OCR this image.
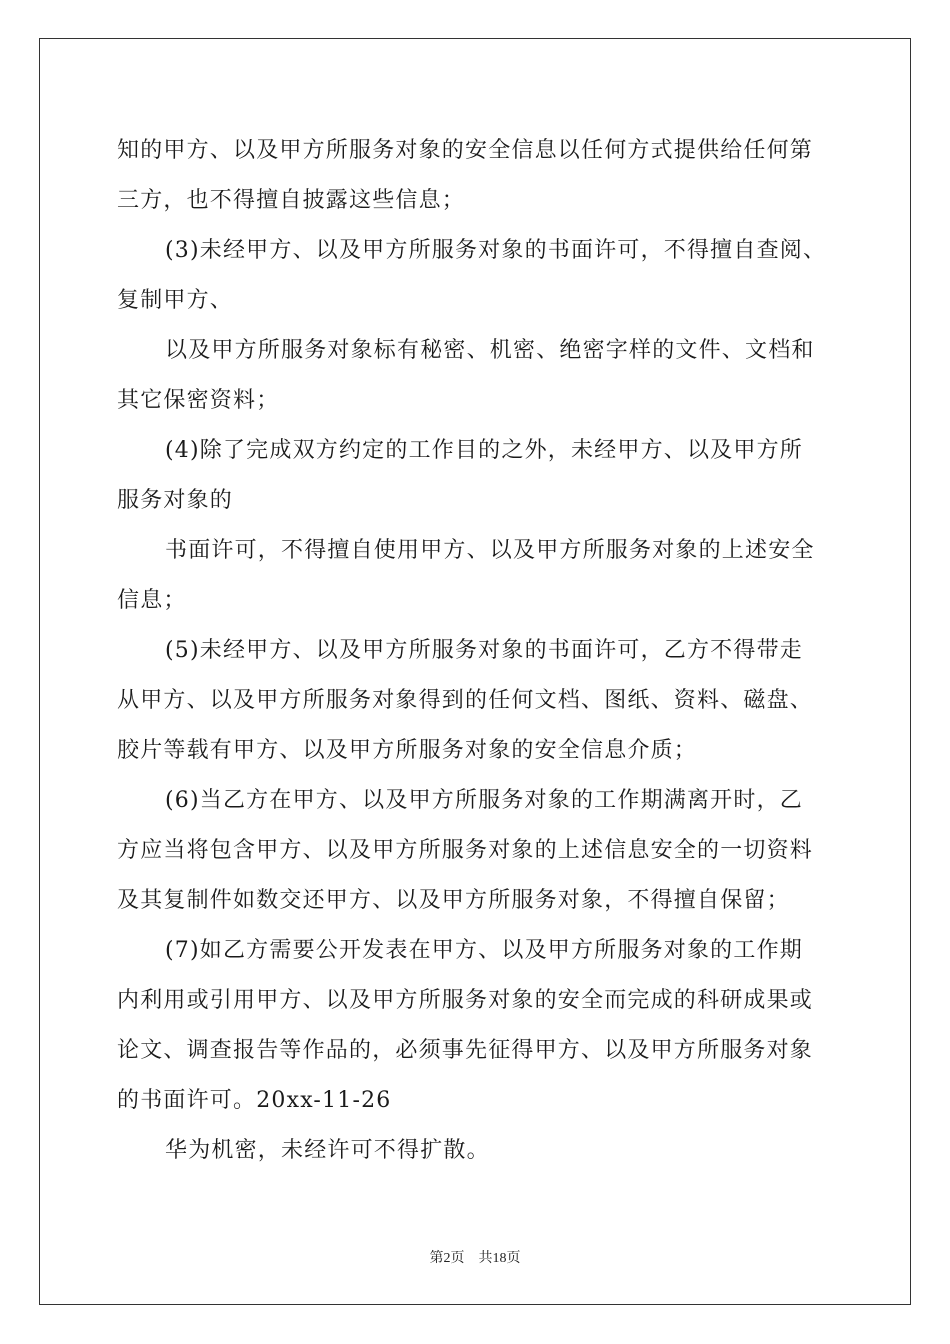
知的甲方、以及甲方所服务对象的安全信息以任何方式提供给任何第
三方，也不得擅自披露这些信息；
(3)未经甲方、以及甲方所服务对象的书面许可，不得擅自查阅、
复制甲方、
以及甲方所服务对象标有秘密、机密、绝密字样的文件、文档和
其它保密资料；
(4)除了完成双方约定的工作目的之外，未经甲方、以及甲方所
服务对象的
书面许可，不得擅自使用甲方、以及甲方所服务对象的上述安全
信息；
(5)未经甲方、以及甲方所服务对象的书面许可，乙方不得带走
从甲方、以及甲方所服务对象得到的任何文档、图纸、资料、磁盘、
胶片等载有甲方、以及甲方所服务对象的安全信息介质；
(6)当乙方在甲方、以及甲方所服务对象的工作期满离开时，乙
方应当将包含甲方、以及甲方所服务对象的上述信息安全的一切资料
及其复制件如数交还甲方、以及甲方所服务对象，不得擅自保留；
(7)如乙方需要公开发表在甲方、以及甲方所服务对象的工作期
内利用或引用甲方、以及甲方所服务对象的安全而完成的科研成果或
论文、调查报告等作品的，必须事先征得甲方、以及甲方所服务对象
的书面许可。20xx-11-26
华为机密，未经许可不得扩散。
第2页　共18页
